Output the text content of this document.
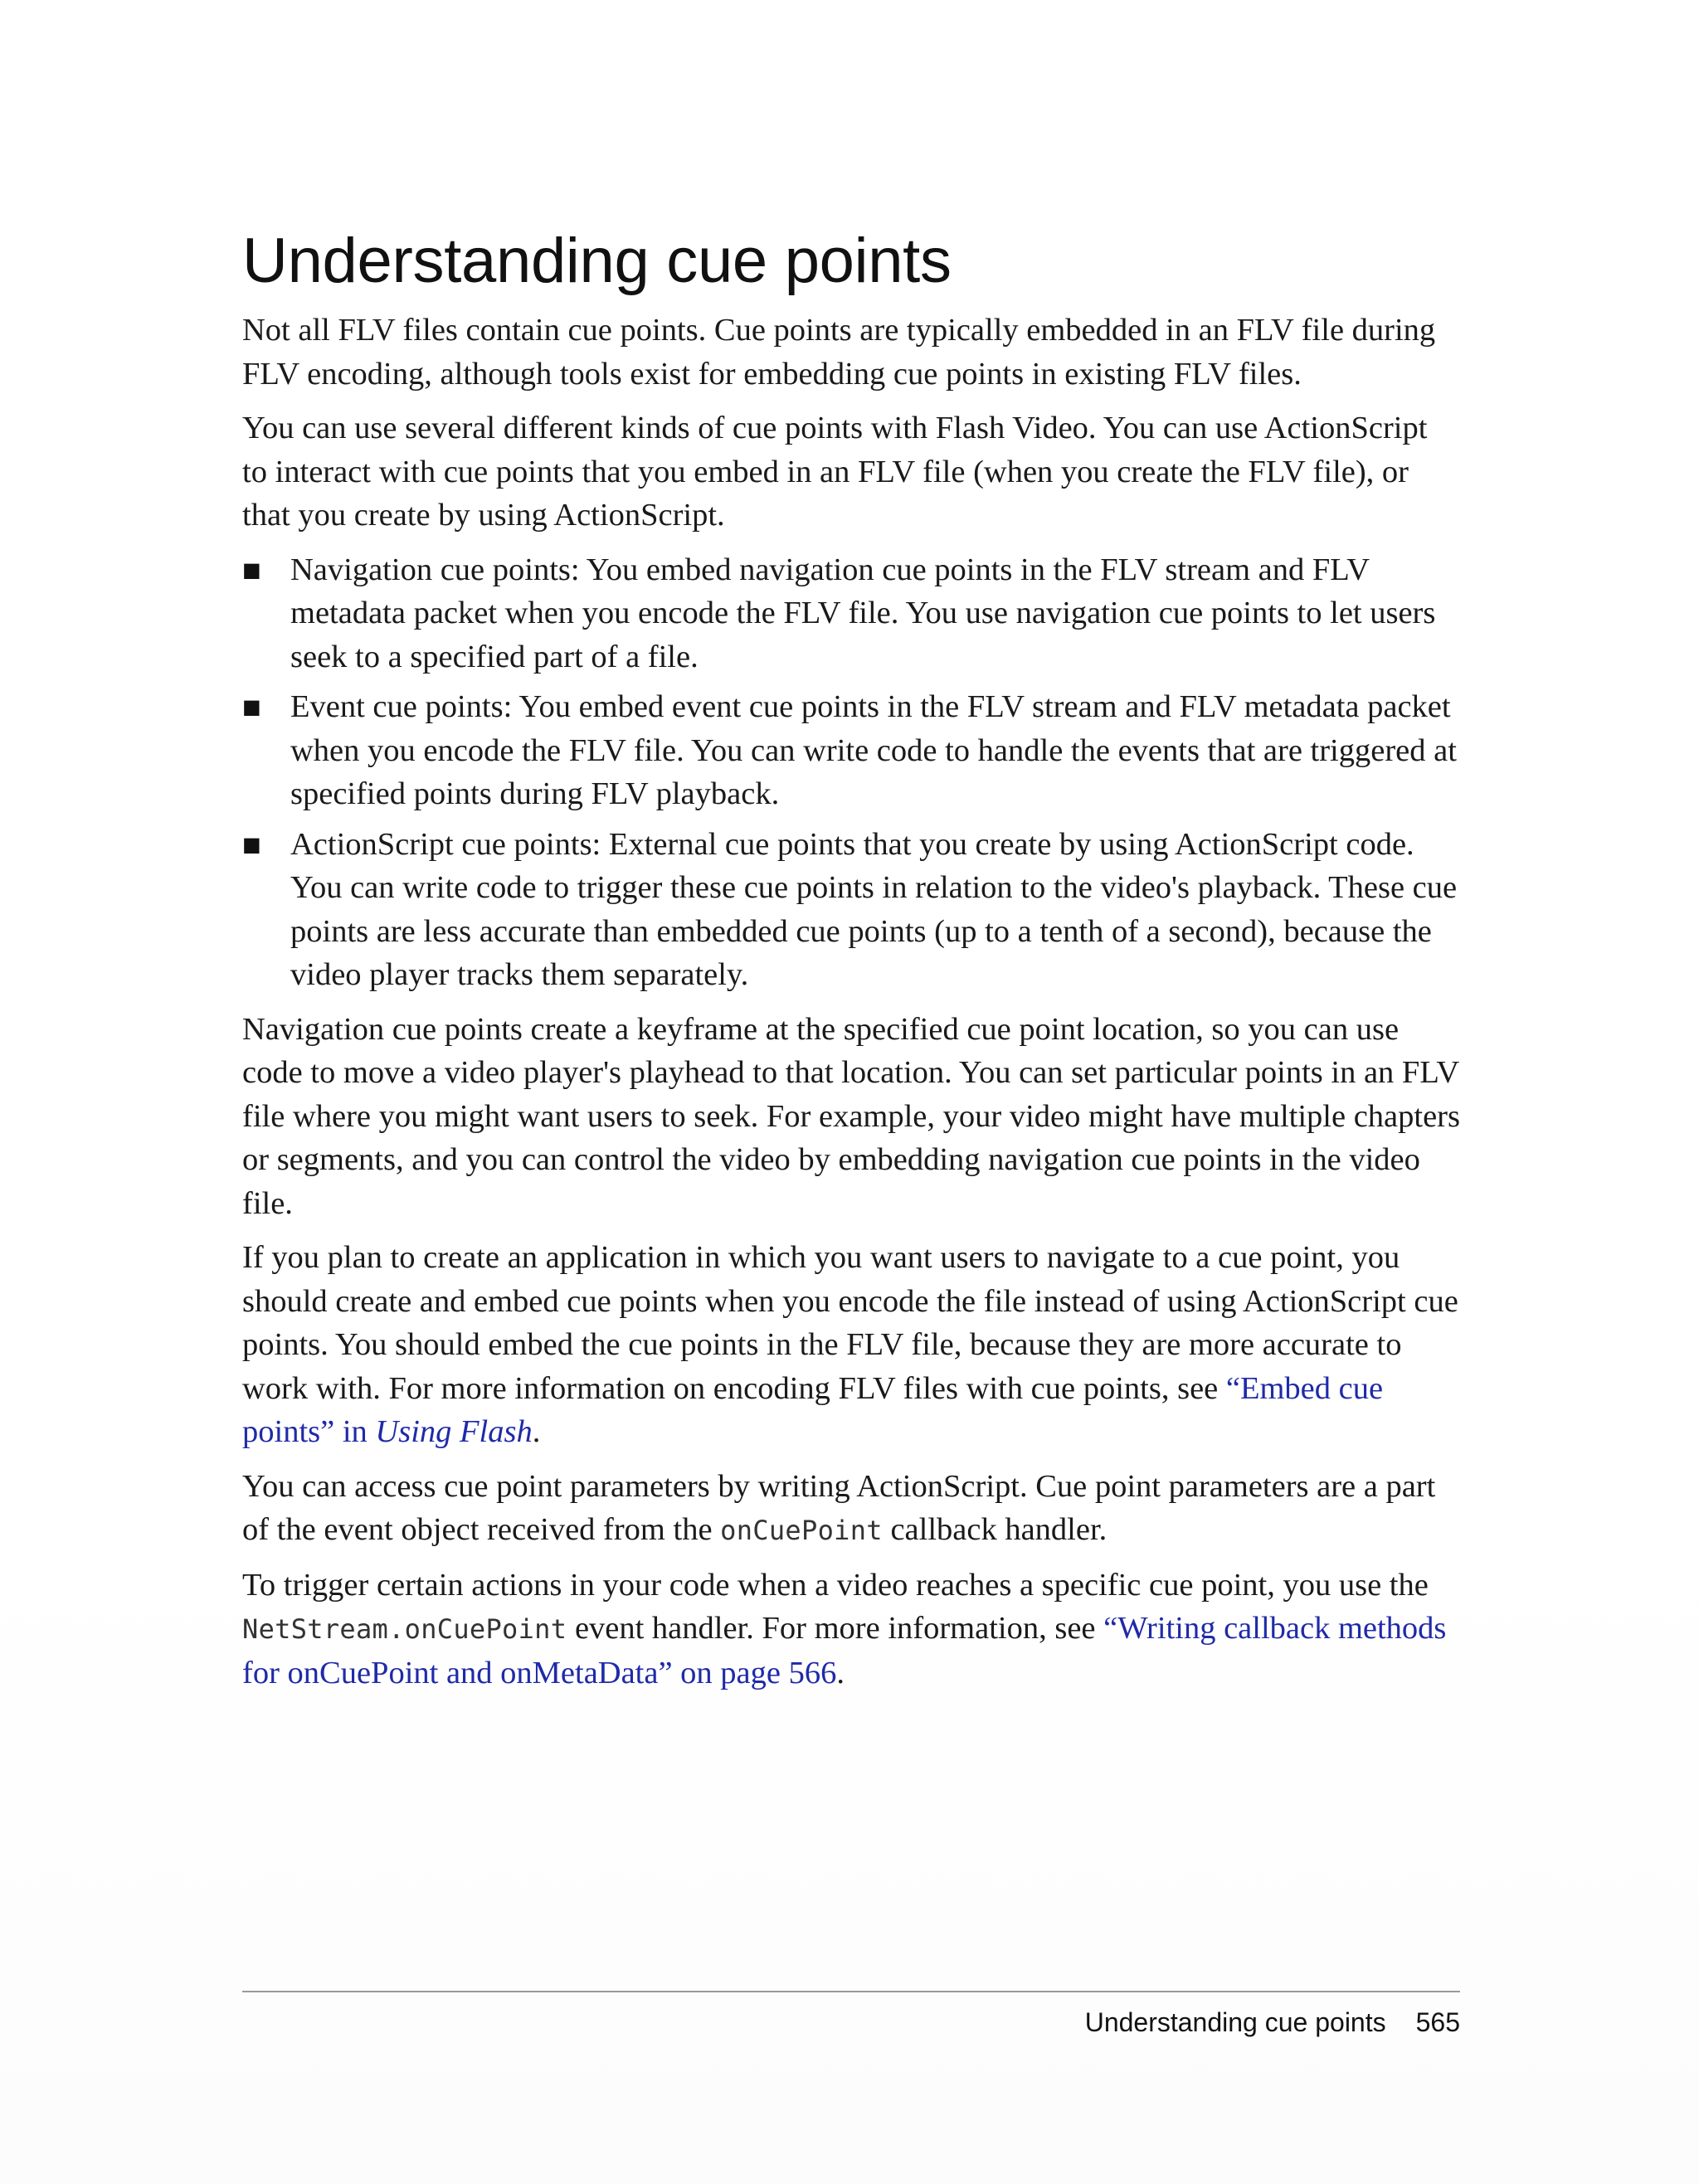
Understanding cue points

Not all FLV files contain cue points. Cue points are typically embedded in an FLV file during FLV encoding, although tools exist for embedding cue points in existing FLV files.

You can use several different kinds of cue points with Flash Video. You can use ActionScript to interact with cue points that you embed in an FLV file (when you create the FLV file), or that you create by using ActionScript.

■ Navigation cue points: You embed navigation cue points in the FLV stream and FLV metadata packet when you encode the FLV file. You use navigation cue points to let users seek to a specified part of a file.
■ Event cue points: You embed event cue points in the FLV stream and FLV metadata packet when you encode the FLV file. You can write code to handle the events that are triggered at specified points during FLV playback.
■ ActionScript cue points: External cue points that you create by using ActionScript code. You can write code to trigger these cue points in relation to the video's playback. These cue points are less accurate than embedded cue points (up to a tenth of a second), because the video player tracks them separately.

Navigation cue points create a keyframe at the specified cue point location, so you can use code to move a video player's playhead to that location. You can set particular points in an FLV file where you might want users to seek. For example, your video might have multiple chapters or segments, and you can control the video by embedding navigation cue points in the video file.

If you plan to create an application in which you want users to navigate to a cue point, you should create and embed cue points when you encode the file instead of using ActionScript cue points. You should embed the cue points in the FLV file, because they are more accurate to work with. For more information on encoding FLV files with cue points, see “Embed cue points” in Using Flash.

You can access cue point parameters by writing ActionScript. Cue point parameters are a part of the event object received from the onCuePoint callback handler.

To trigger certain actions in your code when a video reaches a specific cue point, you use the NetStream.onCuePoint event handler. For more information, see “Writing callback methods for onCuePoint and onMetaData” on page 566.

Understanding cue points 565
